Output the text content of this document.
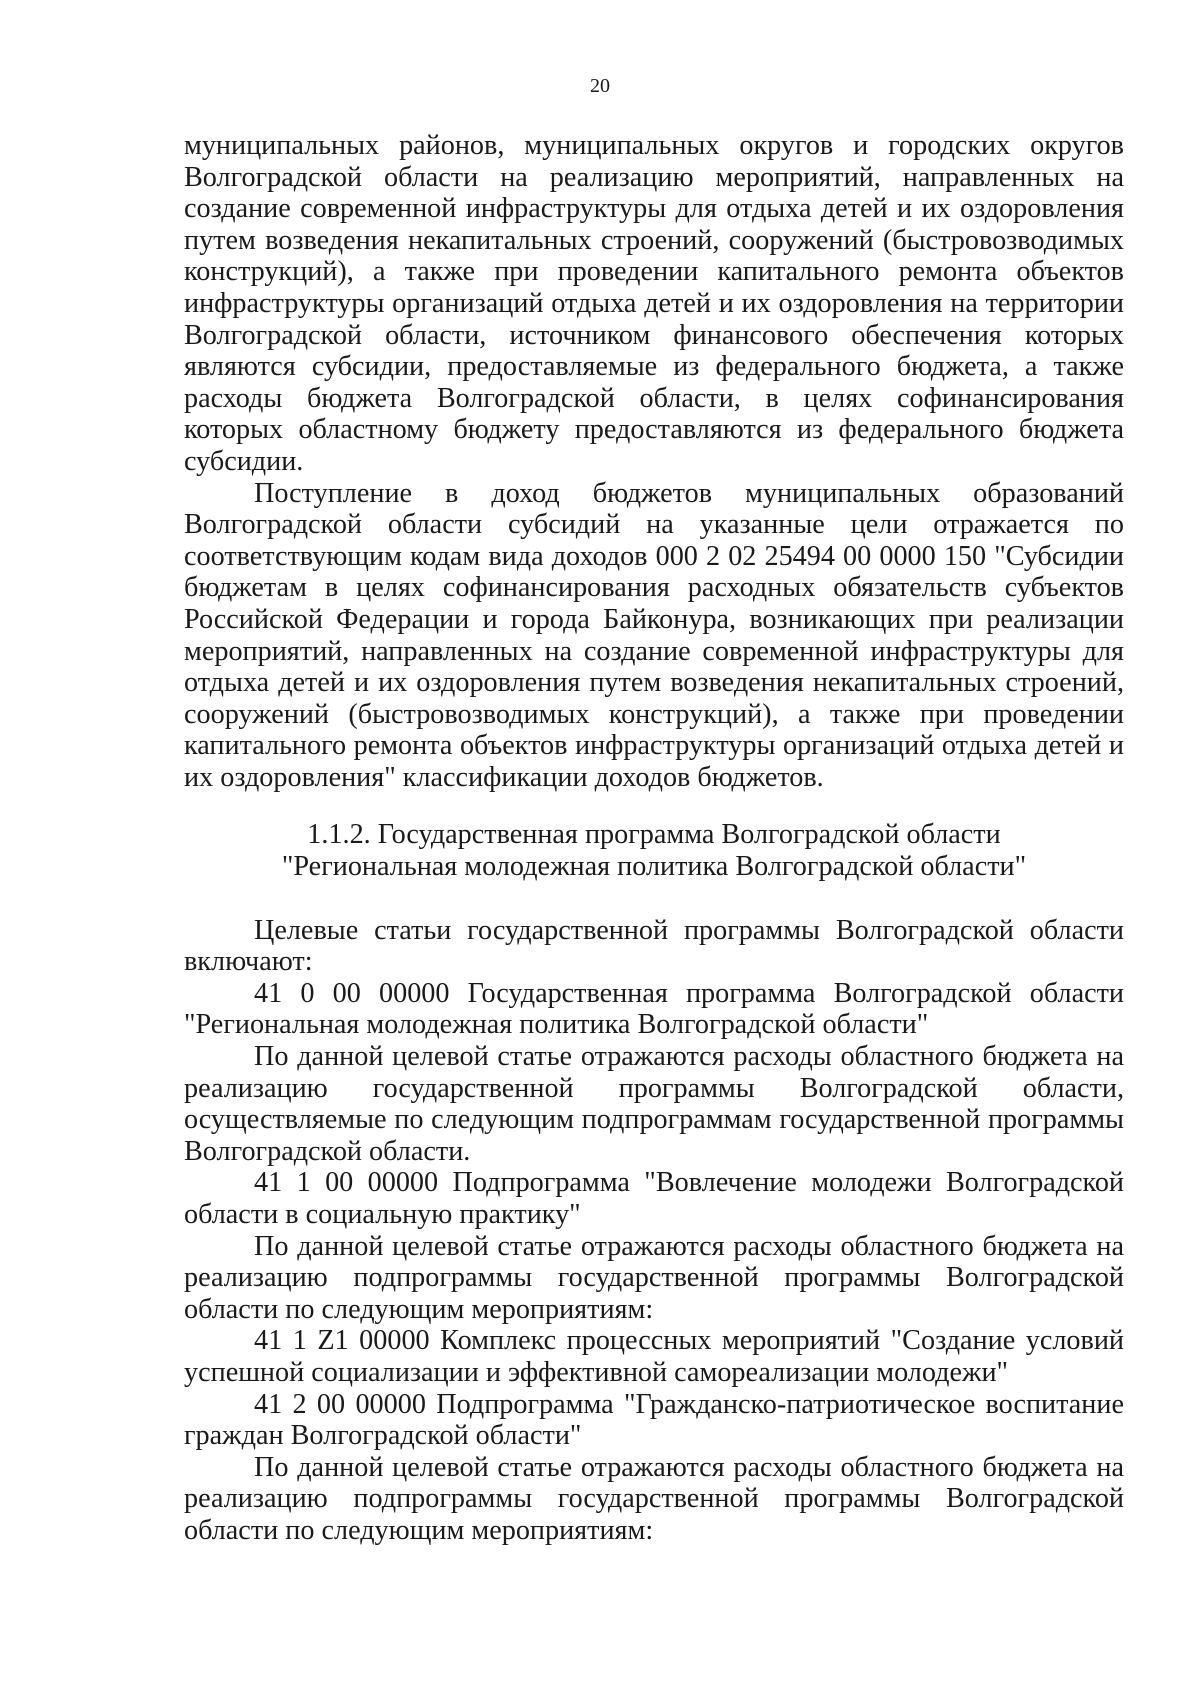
20

муниципальных районов, муниципальных округов и городских округов Волгоградской области на реализацию мероприятий, направленных на создание современной инфраструктуры для отдыха детей и их оздоровления путем возведения некапитальных строений, сооружений (быстровозводимых конструкций), а также при проведении капитального ремонта объектов инфраструктуры организаций отдыха детей и их оздоровления на территории Волгоградской области, источником финансового обеспечения которых являются субсидии, предоставляемые из федерального бюджета, а также расходы бюджета Волгоградской области, в целях софинансирования которых областному бюджету предоставляются из федерального бюджета субсидии.

Поступление в доход бюджетов муниципальных образований Волгоградской области субсидий на указанные цели отражается по соответствующим кодам вида доходов 000 2 02 25494 00 0000 150 "Субсидии бюджетам в целях софинансирования расходных обязательств субъектов Российской Федерации и города Байконура, возникающих при реализации мероприятий, направленных на создание современной инфраструктуры для отдыха детей и их оздоровления путем возведения некапитальных строений, сооружений (быстровозводимых конструкций), а также при проведении капитального ремонта объектов инфраструктуры организаций отдыха детей и их оздоровления" классификации доходов бюджетов.

1.1.2. Государственная программа Волгоградской области
"Региональная молодежная политика Волгоградской области"

Целевые статьи государственной программы Волгоградской области включают:

41 0 00 00000 Государственная программа Волгоградской области "Региональная молодежная политика Волгоградской области"

По данной целевой статье отражаются расходы областного бюджета на реализацию государственной программы Волгоградской области, осуществляемые по следующим подпрограммам государственной программы Волгоградской области.

41 1 00 00000 Подпрограмма "Вовлечение молодежи Волгоградской области в социальную практику"

По данной целевой статье отражаются расходы областного бюджета на реализацию подпрограммы государственной программы Волгоградской области по следующим мероприятиям:

41 1 Z1 00000 Комплекс процессных мероприятий "Создание условий успешной социализации и эффективной самореализации молодежи"

41 2 00 00000 Подпрограмма "Гражданско-патриотическое воспитание граждан Волгоградской области"

По данной целевой статье отражаются расходы областного бюджета на реализацию подпрограммы государственной программы Волгоградской области по следующим мероприятиям:
